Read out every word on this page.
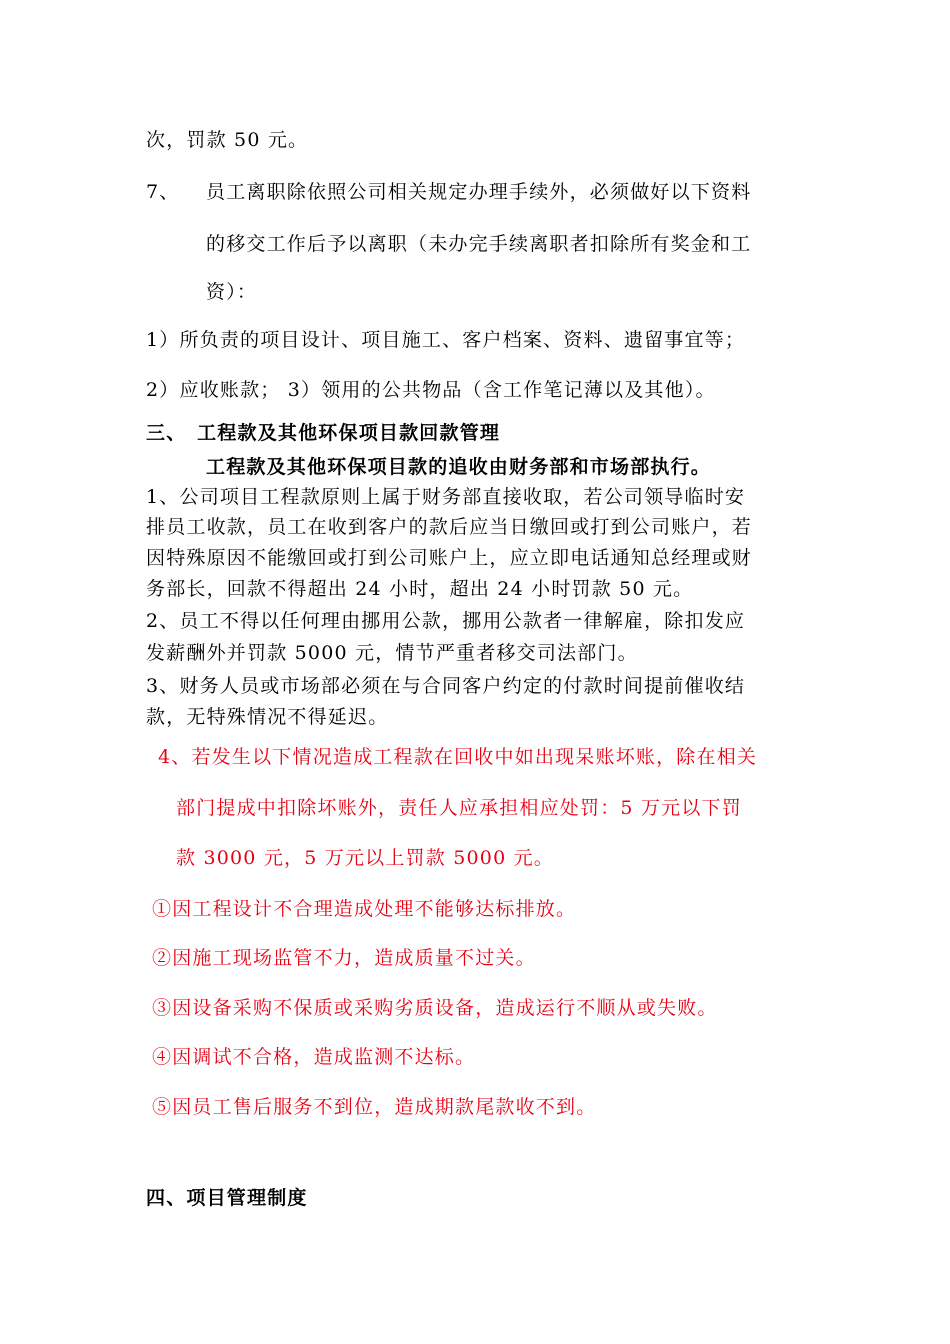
次，罚款 50 元。
7、 员工离职除依照公司相关规定办理手续外，必须做好以下资料
的移交工作后予以离职（未办完手续离职者扣除所有奖金和工
资）：
1）所负责的项目设计、项目施工、客户档案、资料、遗留事宜等；
2）应收账款； 3）领用的公共物品（含工作笔记薄以及其他）。
三、　工程款及其他环保项目款回款管理
工程款及其他环保项目款的追收由财务部和市场部执行。
1、公司项目工程款原则上属于财务部直接收取，若公司领导临时安
排员工收款，员工在收到客户的款后应当日缴回或打到公司账户，若
因特殊原因不能缴回或打到公司账户上，应立即电话通知总经理或财
务部长，回款不得超出 24 小时，超出 24 小时罚款 50 元。
2、员工不得以任何理由挪用公款，挪用公款者一律解雇，除扣发应
发薪酬外并罚款 5000 元，情节严重者移交司法部门。
3、财务人员或市场部必须在与合同客户约定的付款时间提前催收结
款，无特殊情况不得延迟。
4、若发生以下情况造成工程款在回收中如出现呆账坏账，除在相关
部门提成中扣除坏账外，责任人应承担相应处罚：5 万元以下罚
款 3000 元，5 万元以上罚款 5000 元。
①因工程设计不合理造成处理不能够达标排放。
②因施工现场监管不力，造成质量不过关。
③因设备采购不保质或采购劣质设备，造成运行不顺从或失败。
④因调试不合格，造成监测不达标。
⑤因员工售后服务不到位，造成期款尾款收不到。
四、项目管理制度
